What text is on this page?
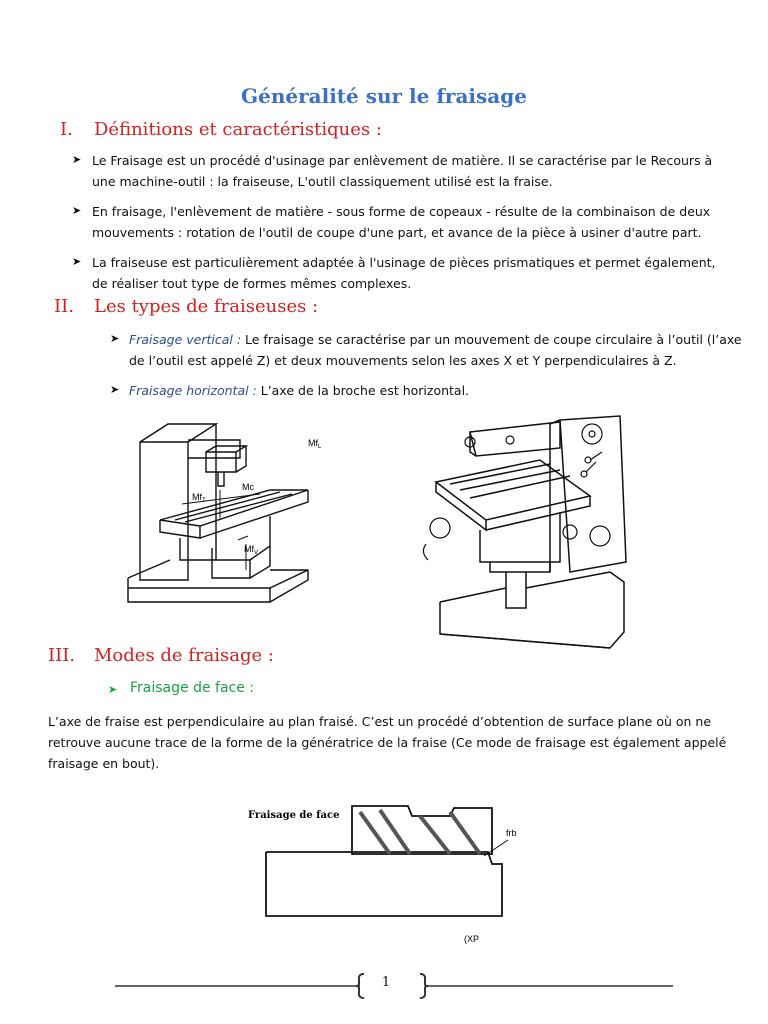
Généralité sur le fraisage
I. Définitions et caractéristiques :
➤ Le Fraisage est un procédé d'usinage par enlèvement de matière. Il se caractérise par le Recours à
une machine-outil : la fraiseuse, L'outil classiquement utilisé est la fraise.
➤ En fraisage, l'enlèvement de matière - sous forme de copeaux - résulte de la combinaison de deux
mouvements : rotation de l'outil de coupe d'une part, et avance de la pièce à usiner d'autre part.
➤ La fraiseuse est particulièrement adaptée à l'usinage de pièces prismatiques et permet également,
de réaliser tout type de formes mêmes complexes.
II. Les types de fraiseuses :
➤ Fraisage vertical : Le fraisage se caractérise par un mouvement de coupe circulaire à l’outil (l’axe
de l’outil est appelé Z) et deux mouvements selon les axes X et Y perpendiculaires à Z.
➤ Fraisage horizontal : L’axe de la broche est horizontal.
$Mf_L$
Mc
$Mf_T$
$Mf_V$
III. Modes de fraisage :
➤ Fraisage de face :
L’axe de fraise est perpendiculaire au plan fraisé. C’est un procédé d’obtention de surface plane où on ne
retrouve aucune trace de la forme de la génératrice de la fraise (Ce mode de fraisage est également appelé
fraisage en bout).
Fraisage de face
frb
(XP
1
